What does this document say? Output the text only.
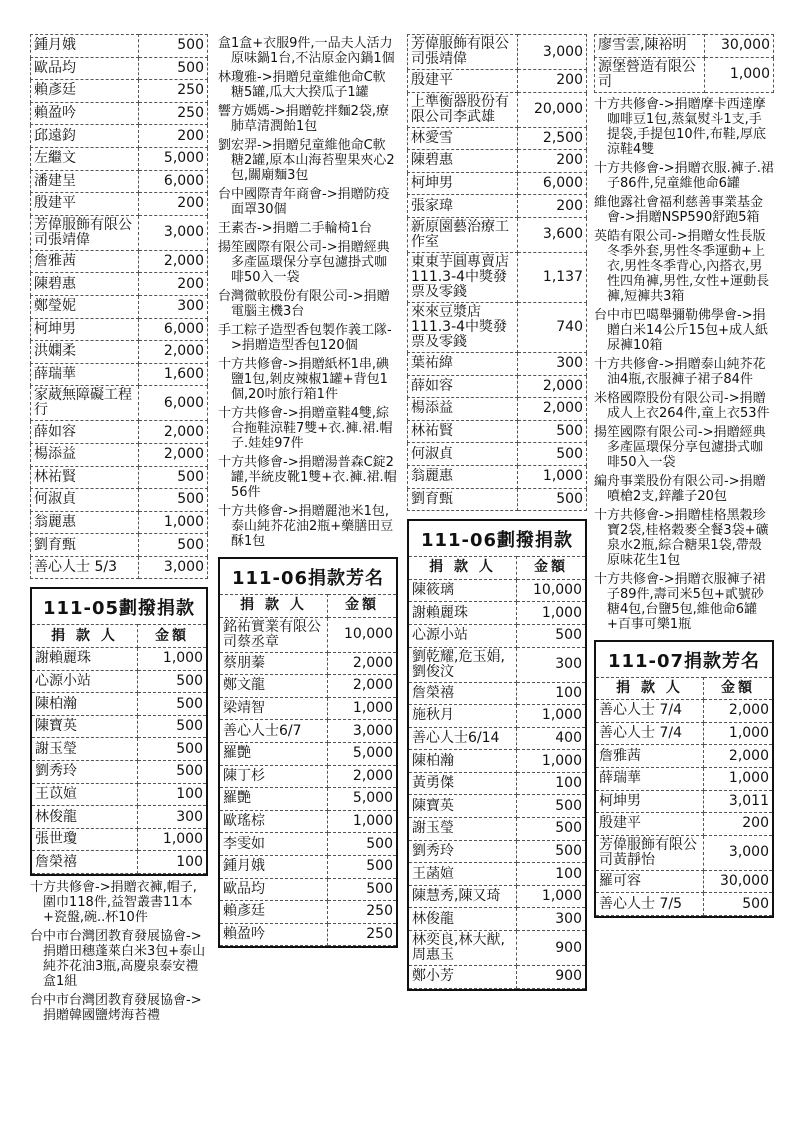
鍾月娥	500
歐品均	500
賴彥廷	250
賴盈吟	250
邱遠鈞	200
左繼文	5,000
潘建呈	6,000
殷建平	200
芳偉服飾有限公司張靖偉	3,000
詹雅茜	2,000
陳碧惠	200
鄭瑩妮	300
柯坤男	6,000
洪嫻柔	2,000
薛瑞華	1,600
家葳無障礙工程行	6,000
薛如容	2,000
楊添益	2,000
林祐賢	500
何淑貞	500
翁麗惠	1,000
劉育甄	500
善心人士 5/3	3,000
111-05劃撥捐款
捐 款 人	金額
謝賴麗珠	1,000
心源小站	500
陳柏瀚	500
陳寶英	500
謝玉瑩	500
劉秀玲	500
王苡媗	100
林俊龍	300
張世瓊	1,000
詹榮禧	100
十方共修會->捐贈衣褲,帽子,圍巾118件,益智叢書11本+瓷盤,碗..杯10件
台中市台灣团教育發展協會->捐贈田穗蓬萊白米3包+泰山純芥花油3瓶,高慶泉泰安禮盒1組
台中市台灣团教育發展協會->捐贈韓國鹽烤海苔禮
盒1盒+衣服9件,一品夫人活力原味鍋1台,不沾原金內鍋1個
林瓊雅->捐贈兒童維他命C軟糖5罐,瓜大大揆瓜子1罐
響方媽媽->捐贈乾拌麵2袋,療肺草清潤飴1包
劉宏羿->捐贈兒童維他命C軟糖2罐,原本山海苔聖果夾心2包,關廟麵3包
台中國際青年商會->捐贈防疫面罩30個
王素杏->捐贈二手輪椅1台
揚笙國際有限公司->捐贈經典多產區環保分享包濾掛式咖啡50入一袋
台灣微軟股份有限公司->捐贈電腦主機3台
手工粽子造型香包製作義工隊->捐贈造型香包120個
十方共修會->捐贈紙杯1串,碘鹽1包,剝皮辣椒1罐+背包1個,20吋旅行箱1件
十方共修會->捐贈童鞋4雙,綜合拖鞋涼鞋7雙+衣.褲.裙.帽子.娃娃97件
十方共修會->捐贈湯普森C錠2罐,半統皮靴1雙+衣.褲.裙.帽56件
十方共修會->捐贈麗池米1包,泰山純芥花油2瓶+藥膳田豆酥1包
111-06捐款芳名
捐 款 人	金額
銘祐實業有限公司蔡丞章	10,000
蔡朋蓁	2,000
鄭文龍	2,000
梁靖智	1,000
善心人士6/7	3,000
羅艷	5,000
陳丁杉	2,000
羅艷	5,000
歐瑤棕	1,000
李雯如	500
鍾月娥	500
歐品均	500
賴彥廷	250
賴盈吟	250
芳偉服飾有限公司張靖偉	3,000
殷建平	200
上準衡器股份有限公司李武雄	20,000
林愛雪	2,500
陳碧惠	200
柯坤男	6,000
張家瑋	200
新原園藝治療工作室	3,600
東東芋圓專賣店111.3-4中獎發票及零錢	1,137
來來豆漿店111.3-4中獎發票及零錢	740
葉祐緯	300
薛如容	2,000
楊添益	2,000
林祐賢	500
何淑貞	500
翁麗惠	1,000
劉育甄	500
111-06劃撥捐款
捐 款 人	金額
陳筱璃	10,000
謝賴麗珠	1,000
心源小站	500
劉乾耀,危玉娟,劉俊汶	300
詹榮禧	100
施秋月	1,000
善心人士6/14	400
陳柏瀚	1,000
黃勇傑	100
陳寶英	500
謝玉瑩	500
劉秀玲	500
王菡媗	100
陳慧秀,陳又琦	1,000
林俊龍	300
林奕良,林大猷,周惠玉	900
鄭小芳	900
廖雪雲,陳裕明	30,000
源堡營造有限公司	1,000
十方共修會->捐贈摩卡西達摩咖啡豆1包,蒸氣熨斗1支,手提袋,手提包10件,布鞋,厚底涼鞋4雙
十方共修會->捐贈衣服.褲子.裙子86件,兒童維他命6罐
維他露社會福利慈善事業基金會->捐贈NSP590舒跑5箱
英皓有限公司->捐贈女性長版冬季外套,男性冬季運動+上衣,男性冬季背心,內搭衣,男性四角褲,男性,女性+運動長褲,短褲共3箱
台中市巴噶舉彌勒佛學會->捐贈白米14公斤15包+成人紙尿褲10箱
十方共修會->捐贈泰山純芥花油4瓶,衣服褲子裙子84件
米格國際股份有限公司->捐贈成人上衣264件,童上衣53件
揚笙國際有限公司->捐贈經典多產區環保分享包濾掛式咖啡50入一袋
編舟事業股份有限公司->捐贈噴槍2支,鋅離子20包
十方共修會->捐贈桂格黑穀珍寶2袋,桂格穀麥全餐3袋+礦泉水2瓶,綜合糖果1袋,帶殼原味花生1包
十方共修會->捐贈衣服褲子裙子89件,壽司米5包+貳號砂糖4包,台鹽5包,維他命6罐+百事可樂1瓶
111-07捐款芳名
捐 款 人	金額
善心人士 7/4	2,000
善心人士 7/4	1,000
詹雅茜	2,000
薛瑞華	1,000
柯坤男	3,011
殷建平	200
芳偉服飾有限公司黃靜怡	3,000
羅可容	30,000
善心人士 7/5	500
